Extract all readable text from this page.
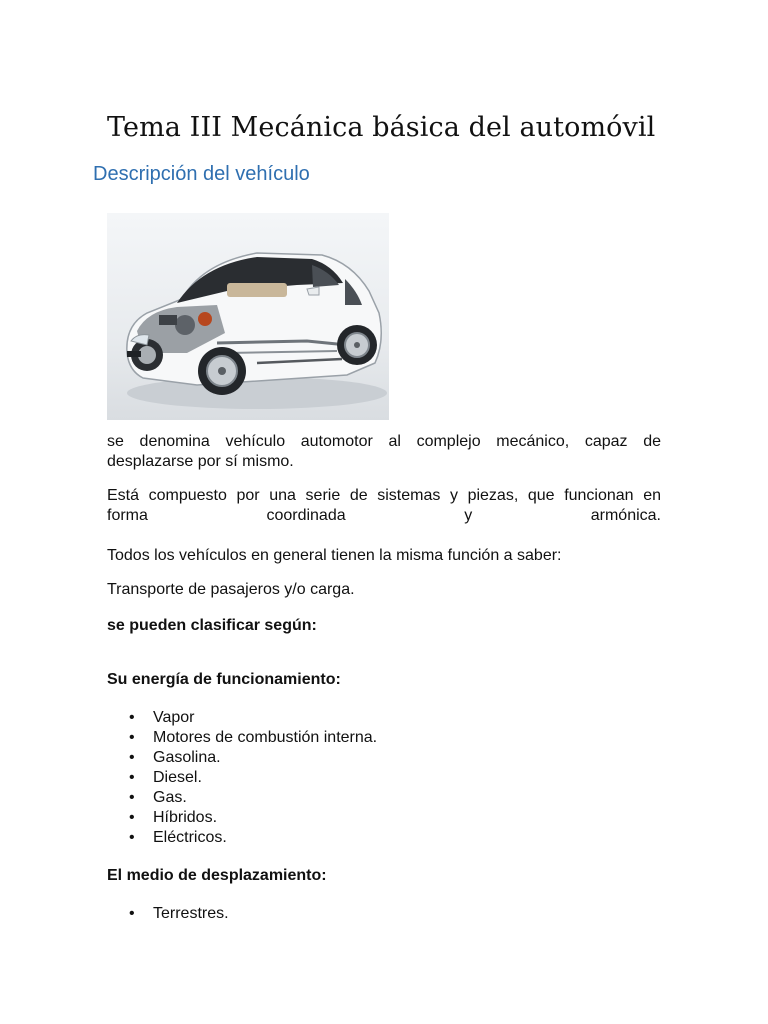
Tema III Mecánica básica del automóvil
Descripción del vehículo

se denomina vehículo automotor al complejo mecánico, capaz de desplazarse por sí mismo.

Está compuesto por una serie de sistemas y piezas, que funcionan en
forma coordinada y armónica.

Todos los vehículos en general tienen la misma función a saber:

Transporte de pasajeros y/o carga.

se pueden clasificar según:

Su energía de funcionamiento:

• Vapor
• Motores de combustión interna.
• Gasolina.
• Diesel.
• Gas.
• Híbridos.
• Eléctricos.

El medio de desplazamiento:

• Terrestres.
